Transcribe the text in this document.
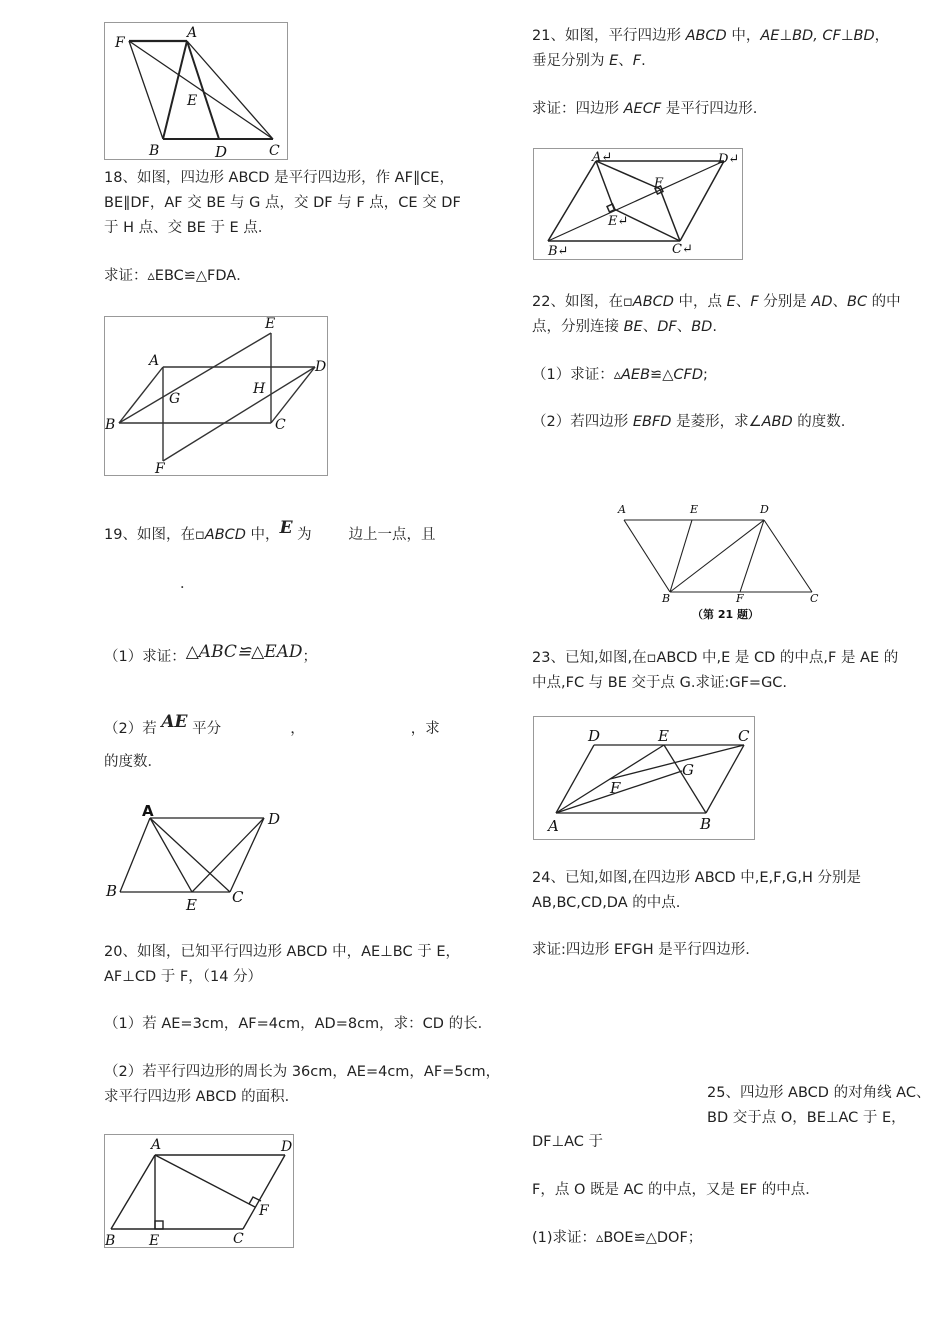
F
A
E
B	D	C
18、如图，四边形 ABCD 是平行四边形，作 AF∥CE，
BE∥DF，AF 交 BE 与 G 点，交 DF 与 F 点，CE 交 DF
于 H 点、交 BE 于 E 点．
求证：▵EBC≌△FDA．
E
A	D
G
H
B	C
F
19、如图，在▫ABCD 中，E 为        边上一点，且
．
（1）求证：△ABC≌△EAD；
（2）若 AE 平分               ，                       ，求
的度数．
A	D
B
E C
20、如图，已知平行四边形 ABCD 中，AE⊥BC 于 E，
AF⊥CD 于 F，（14 分）
（1）若 AE=3cm，AF=4cm，AD=8cm，求：CD 的长．
（2）若平行四边形的周长为 36cm，AE=4cm，AF=5cm，
求平行四边形 ABCD 的面积．
A	D
F
B E	C
21、如图，平行四边形 ABCD 中，AE⊥BD, CF⊥BD，
垂足分别为 E、F.
求证：四边形 AECF 是平行四边形.
A↵	D↵
F
E↵
B↵	C↵
22、如图，在▫ABCD 中，点 E、F 分别是 AD、BC 的中
点，分别连接 BE、DF、BD.
（1）求证：▵AEB≌△CFD;
（2）若四边形 EBFD 是菱形，求∠ABD 的度数.
A	E	D
B	F	C
（第 21 题）
23、已知,如图,在▫ABCD 中,E 是 CD 的中点,F 是 AE 的
中点,FC 与 BE 交于点 G.求证:GF=GC.
D	E	C
G
F
A	B
24、已知,如图,在四边形 ABCD 中,E,F,G,H 分别是
AB,BC,CD,DA 的中点.
求证:四边形 EFGH 是平行四边形.
25、四边形 ABCD 的对角线 AC、
BD 交于点 O，BE⊥AC 于 E，
DF⊥AC 于
F，点 O 既是 AC 的中点，又是 EF 的中点．
(1)求证：▵BOE≌△DOF；
